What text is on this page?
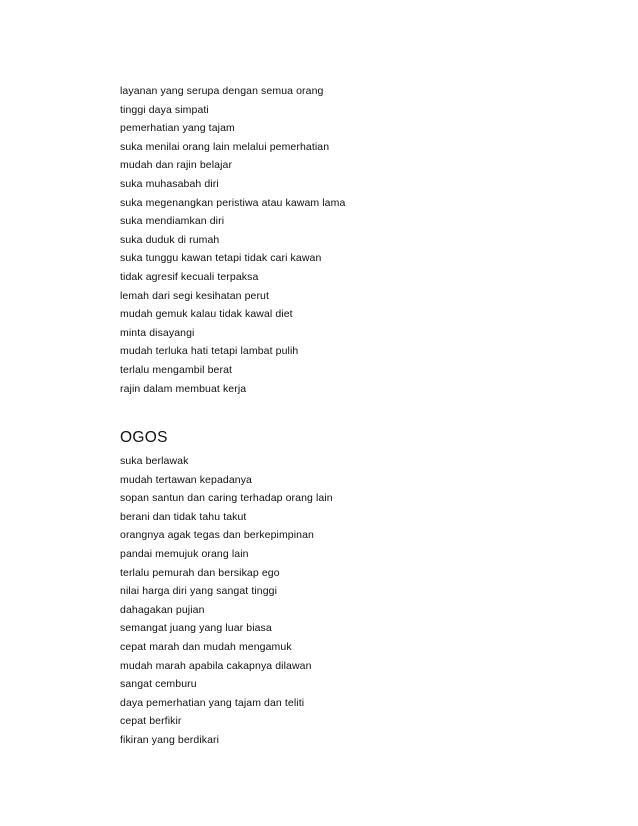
layanan yang serupa dengan semua orang
tinggi daya simpati
pemerhatian yang tajam
suka menilai orang lain melalui pemerhatian
mudah dan rajin belajar
suka muhasabah diri
suka megenangkan peristiwa atau kawam lama
suka mendiamkan diri
suka duduk di rumah
suka tunggu kawan tetapi tidak cari kawan
tidak agresif kecuali terpaksa
lemah dari segi kesihatan perut
mudah gemuk kalau tidak kawal diet
minta disayangi
mudah terluka hati tetapi lambat pulih
terlalu mengambil berat
rajin dalam membuat kerja
OGOS
suka berlawak
mudah tertawan kepadanya
sopan santun dan caring terhadap orang lain
berani dan tidak tahu takut
orangnya agak tegas dan berkepimpinan
pandai memujuk orang lain
terlalu pemurah dan bersikap ego
nilai harga diri yang sangat tinggi
dahagakan pujian
semangat juang yang luar biasa
cepat marah dan mudah mengamuk
mudah marah apabila cakapnya dilawan
sangat cemburu
daya pemerhatian yang tajam dan teliti
cepat berfikir
fikiran yang berdikari
